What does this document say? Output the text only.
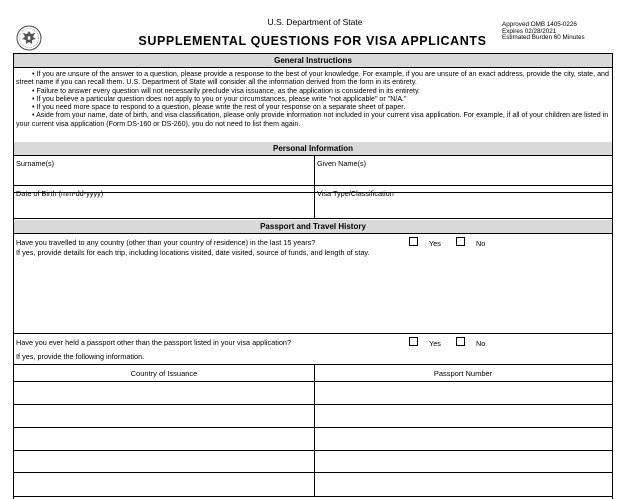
U.S. Department of State
SUPPLEMENTAL QUESTIONS FOR VISA APPLICANTS
Approved OMB 1405-0226
Expires 02/28/2021
Estimated Burden 60 Minutes
General Instructions

• If you are unsure of the answer to a question, please provide a response to the best of your knowledge. For example, if you are unsure of an exact address, provide the city, state, and street name if you can recall them. U.S. Department of State will consider all the information derived from the form in its entirety.

• Failure to answer every question will not necessarily preclude visa issuance, as the application is considered in its entirety.

• If you believe a particular question does not apply to you or your circumstances, please write "not applicable" or "N/A."

• If you need more space to respond to a question, please write the rest of your response on a separate sheet of paper.

• Aside from your name, date of birth, and visa classification, please only provide information not included in your current visa application. For example, if all of your children are listed in your current visa application (Form DS-160 or DS-260), you do not need to list them again.

Personal Information
Surname(s)	Given Name(s)
Date of Birth (mm-dd-yyyy)	Visa Type/Classification
Passport and Travel History
Have you travelled to any country (other than your country of residence) in the last 15 years?	Yes	No
If yes, provide details for each trip, including locations visited, date visited, source of funds, and length of stay.
Have you ever held a passport other than the passport listed in your visa application?	Yes	No
If yes, provide the following information.
Country of Issuance	Passport Number
